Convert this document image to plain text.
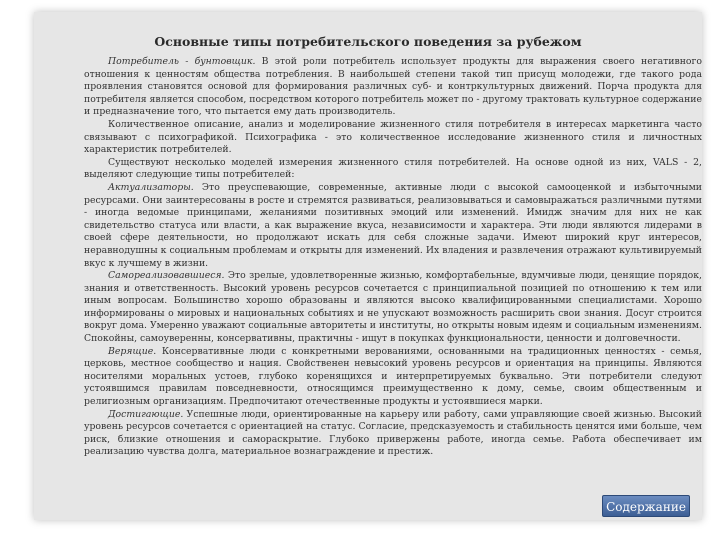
Основные типы потребительского поведения за рубежом

Потребитель - бунтовщик. В этой роли потребитель использует продукты для выражения своего негативного отношения к ценностям общества потребления. В наибольшей степени такой тип присущ молодежи, где такого рода проявления становятся основой для формирования различных суб- и контркультурных движений. Порча продукта для потребителя является способом, посредством которого потребитель может по - другому трактовать культурное содержание и предназначение того, что пытается ему дать производитель.

Количественное описание, анализ и моделирование жизненного стиля потребителя в интересах маркетинга часто связывают с психографикой. Психографика - это количественное исследование жизненного стиля и личностных характеристик потребителей.

Существуют несколько моделей измерения жизненного стиля потребителей. На основе одной из них, VALS - 2, выделяют следующие типы потребителей:

Актуализаторы. Это преуспевающие, современные, активные люди с высокой самооценкой и избыточными ресурсами. Они заинтересованы в росте и стремятся развиваться, реализовываться и самовыражаться различными путями - иногда ведомые принципами, желаниями позитивных эмоций или изменений. Имидж значим для них не как свидетельство статуса или власти, а как выражение вкуса, независимости и характера. Эти люди являются лидерами в своей сфере деятельности, но продолжают искать для себя сложные задачи. Имеют широкий круг интересов, неравнодушны к социальным проблемам и открыты для изменений. Их владения и развлечения отражают культивируемый вкус к лучшему в жизни.

Самореализовавшиеся. Это зрелые, удовлетворенные жизнью, комфортабельные, вдумчивые люди, ценящие порядок, знания и ответственность. Высокий уровень ресурсов сочетается с принципиальной позицией по отношению к тем или иным вопросам. Большинство хорошо образованы и являются высоко квалифицированными специалистами. Хорошо информированы о мировых и национальных событиях и не упускают возможность расширить свои знания. Досуг строится вокруг дома. Умеренно уважают социальные авторитеты и институты, но открыты новым идеям и социальным изменениям. Спокойны, самоуверенны, консервативны, практичны - ищут в покупках функциональности, ценности и долговечности.

Верящие. Консервативные люди с конкретными верованиями, основанными на традиционных ценностях - семья, церковь, местное сообщество и нация. Свойственен невысокий уровень ресурсов и ориентация на принципы. Являются носителями моральных устоев, глубоко коренящихся и интерпретируемых буквально. Эти потребители следуют устоявшимся правилам повседневности, относящимся преимущественно к дому, семье, своим общественным и религиозным организациям. Предпочитают отечественные продукты и устоявшиеся марки.

Достигающие. Успешные люди, ориентированные на карьеру или работу, сами управляющие своей жизнью. Высокий уровень ресурсов сочетается с ориентацией на статус. Согласие, предсказуемость и стабильность ценятся ими больше, чем риск, близкие отношения и самораскрытие. Глубоко привержены работе, иногда семье. Работа обеспечивает им реализацию чувства долга, материальное вознаграждение и престиж.

Содержание
